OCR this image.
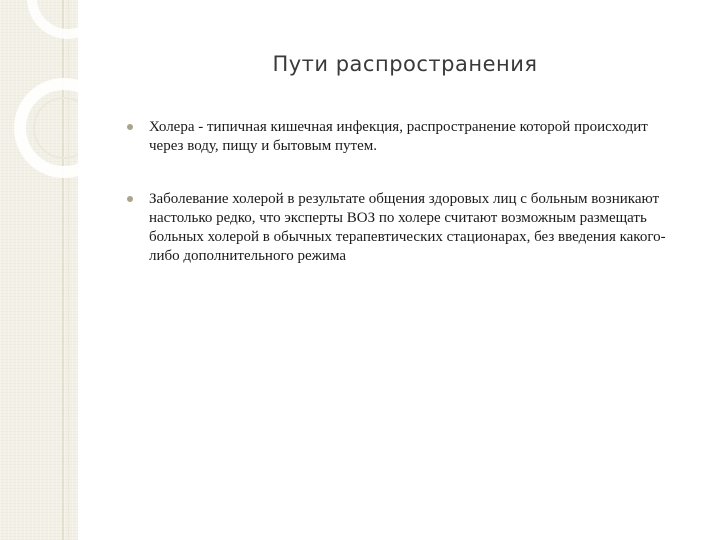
Пути распространения
Холера - типичная кишечная инфекция, распространение которой происходит через воду, пищу и бытовым путем.
Заболевание холерой в результате общения здоровых лиц с больным возникают настолько редко, что эксперты ВОЗ по холере считают возможным размещать больных холерой в обычных терапевтических стационарах, без введения какого-либо дополнительного режима
